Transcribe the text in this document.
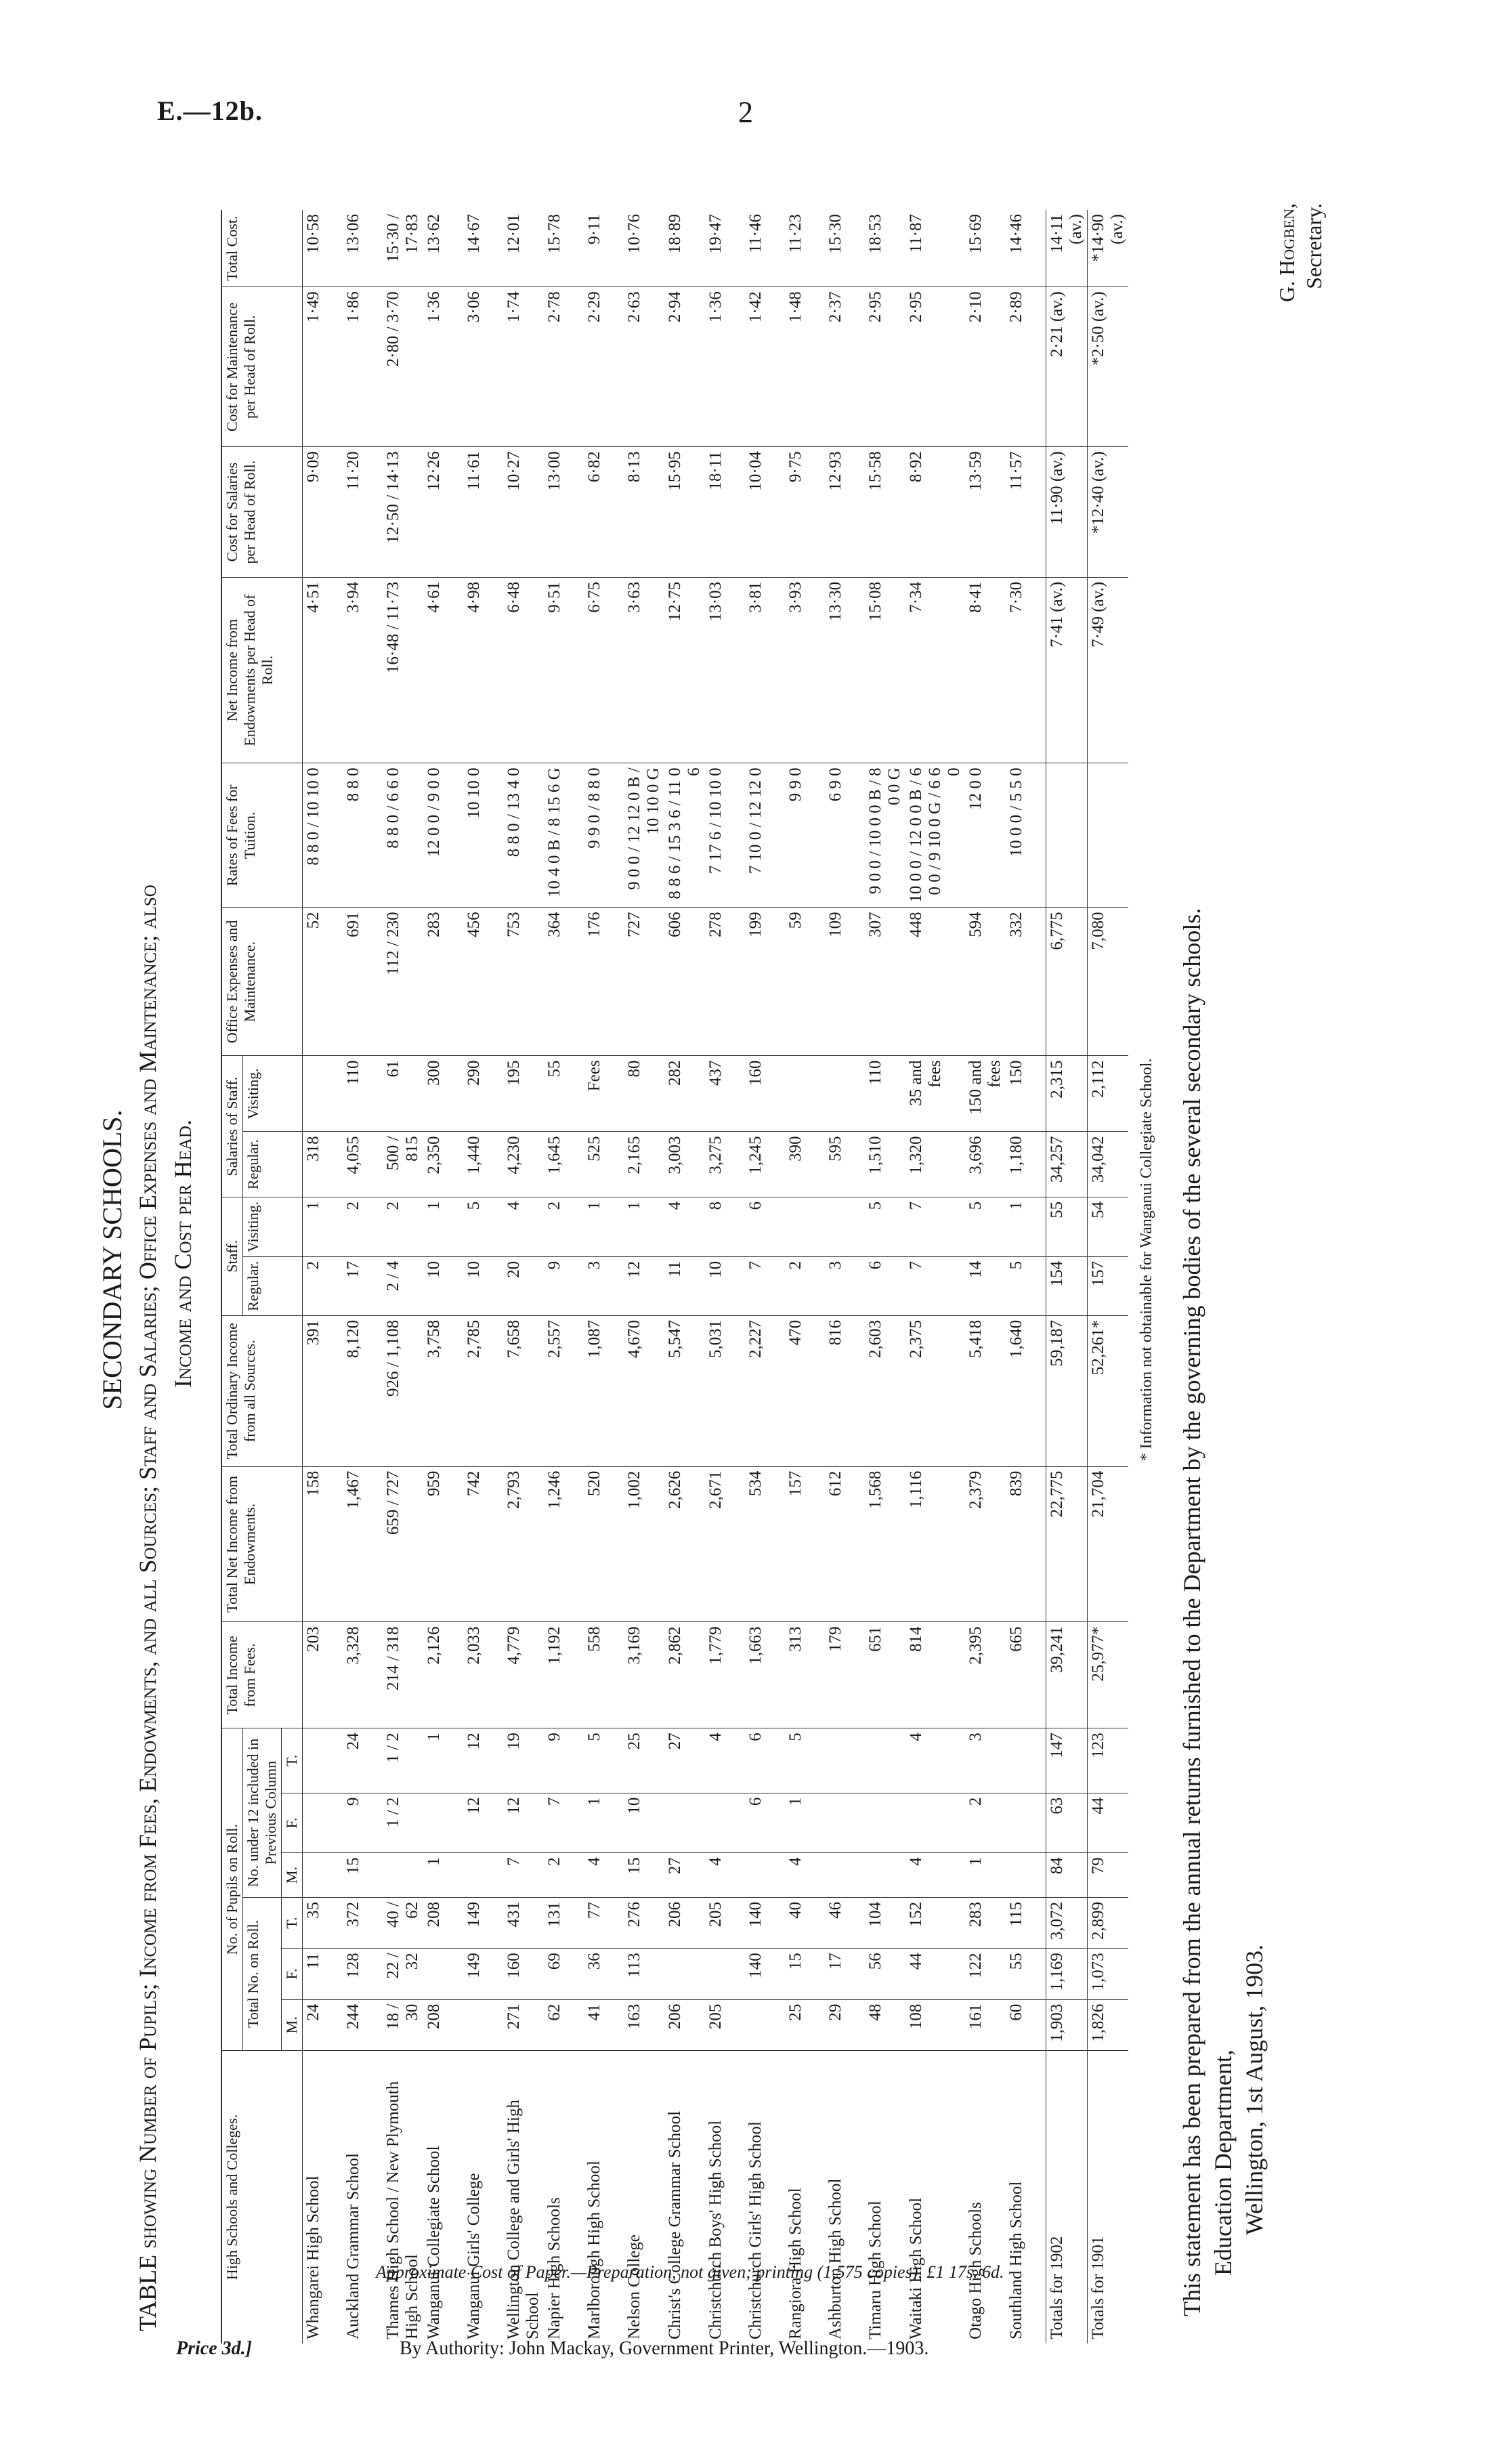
E.—12b.	2
SECONDARY SCHOOLS. TABLE showing Number of Pupils; Income from Fees, Endowments, and all Sources; Staff and Salaries; Office Expenses and Maintenance; also Income and Cost per Head.
High Schools and Colleges.	No. of Pupils on Roll.						Total Income from Fees.	Total Net Income from Endowments.	Total Ordinary Income from all Sources.	Staff.		Salaries of Staff.		Office Expenses and Maintenance.	Rates of Fees for Tuition.	Net Income from Endowments per Head of Roll.	Cost for Salaries per Head of Roll.	Cost for Maintenance per Head of Roll.	Total Cost.
	Total No. on Roll.			No. under 12 included in Previous Column						Regular.	Visiting.	Regular.	Visiting.						
	M.	F.	T.	M.	F.	T.													
Whangarei High School	24	11	35				203	158	391	2	1	318		52	8 8 0 / 10 10 0	4·51	9·09	1·49	10·58
Auckland Grammar School	244	128	372	15	9	24	3,328	1,467	8,120	17	2	4,055	110	691	8 8 0	3·94	11·20	1·86	13·06
Thames High School / New Plymouth High School	18 / 30	22 / 32	40 / 62		1 / 2	1 / 2	214 / 318	659 / 727	926 / 1,108	2 / 4	2	500 / 815	61	112 / 230	8 8 0 / 6 6 0	16·48 / 11·73	12·50 / 14·13	2·80 / 3·70	15·30 / 17·83
Wanganui Collegiate School	208		208	1		1	2,126	959	3,758	10	1	2,350	300	283	12 0 0 / 9 0 0	4·61	12·26	1·36	13·62
Wanganui Girls' College		149	149		12	12	2,033	742	2,785	10	5	1,440	290	456	10 10 0	4·98	11·61	3·06	14·67
Wellington College and Girls' High School	271	160	431	7	12	19	4,779	2,793	7,658	20	4	4,230	195	753	8 8 0 / 13 4 0	6·48	10·27	1·74	12·01
Napier High Schools	62	69	131	2	7	9	1,192	1,246	2,557	9	2	1,645	55	364	10 4 0 B / 8 15 6 G	9·51	13·00	2·78	15·78
Marlborough High School	41	36	77	4	1	5	558	520	1,087	3	1	525	Fees	176	9 9 0 / 8 8 0	6·75	6·82	2·29	9·11
Nelson College	163	113	276	15	10	25	3,169	1,002	4,670	12	1	2,165	80	727	9 0 0 / 12 12 0 B / 10 10 0 G	3·63	8·13	2·63	10·76
Christ's College Grammar School	206		206	27		27	2,862	2,626	5,547	11	4	3,003	282	606	8 8 6 / 15 3 6 / 11 0 6	12·75	15·95	2·94	18·89
Christchurch Boys' High School	205		205	4		4	1,779	2,671	5,031	10	8	3,275	437	278	7 17 6 / 10 10 0	13·03	18·11	1·36	19·47
Christchurch Girls' High School		140	140		6	6	1,663	534	2,227	7	6	1,245	160	199	7 10 0 / 12 12 0	3·81	10·04	1·42	11·46
Rangiora High School	25	15	40	4	1	5	313	157	470	2		390		59	9 9 0	3·93	9·75	1·48	11·23
Ashburton High School	29	17	46				179	612	816	3		595		109	6 9 0	13·30	12·93	2·37	15·30
Timaru High School	48	56	104				651	1,568	2,603	6	5	1,510	110	307	9 0 0 / 10 0 0 B / 8 0 0 G	15·08	15·58	2·95	18·53
Waitaki High School	108	44	152	4		4	814	1,116	2,375	7	7	1,320	35 and fees	448	10 0 0 / 12 0 0 B / 6 0 0 / 9 10 0 G / 6 6 0	7·34	8·92	2·95	11·87
Otago High Schools	161	122	283	1	2	3	2,395	2,379	5,418	14	5	3,696	150 and fees	594	12 0 0	8·41	13·59	2·10	15·69
Southland High School	60	55	115				665	839	1,640	5	1	1,180	150	332	10 0 0 / 5 5 0	7·30	11·57	2·89	14·46
Totals for 1902	1,903	1,169	3,072	84	63	147	39,241	22,775	59,187	154	55	34,257	2,315	6,775		7·41 (av.)	11·90 (av.)	2·21 (av.)	14·11 (av.)
Totals for 1901	1,826	1,073	2,899	79	44	123	25,977*	21,704	52,261*	157	54	34,042	2,112	7,080		7·49 (av.)	*12·40 (av.)	*2·50 (av.)	*14·90 (av.)
* Information not obtainable for Wanganui Collegiate School. This statement has been prepared from the annual returns furnished to the Department by the governing bodies of the several secondary schools. Education Department, Wellington, 1st August, 1903.
G. Hogben, Secretary.
Approximate Cost of Paper.—Preparation, not given; printing (1,575 copies), £1 17s. 6d.
Price 3d.]	By Authority: John Mackay, Government Printer, Wellington.—1903.
